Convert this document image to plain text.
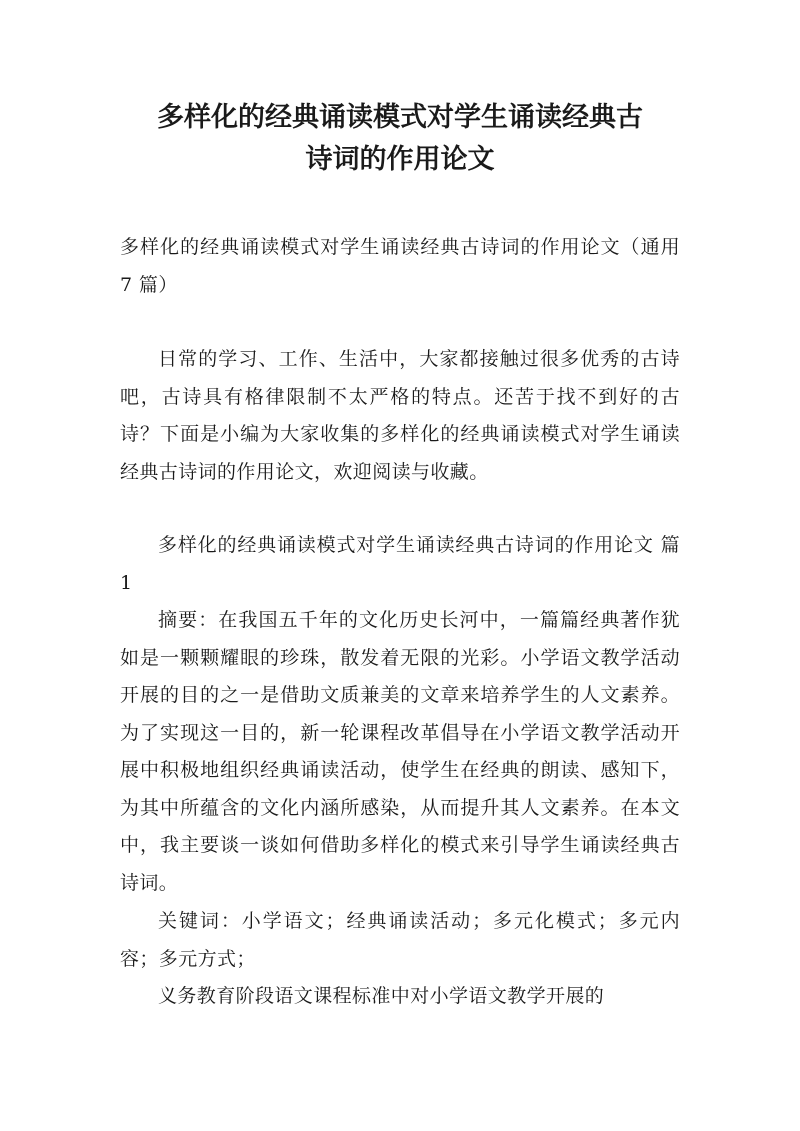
多样化的经典诵读模式对学生诵读经典古
诗词的作用论文
多样化的经典诵读模式对学生诵读经典古诗词的作用论文（通用 7 篇）
日常的学习、工作、生活中，大家都接触过很多优秀的古诗吧，古诗具有格律限制不太严格的特点。还苦于找不到好的古诗？下面是小编为大家收集的多样化的经典诵读模式对学生诵读经典古诗词的作用论文，欢迎阅读与收藏。
多样化的经典诵读模式对学生诵读经典古诗词的作用论文 篇 1
摘要：在我国五千年的文化历史长河中，一篇篇经典著作犹如是一颗颗耀眼的珍珠，散发着无限的光彩。小学语文教学活动开展的目的之一是借助文质兼美的文章来培养学生的人文素养。为了实现这一目的，新一轮课程改革倡导在小学语文教学活动开展中积极地组织经典诵读活动，使学生在经典的朗读、感知下，为其中所蕴含的文化内涵所感染，从而提升其人文素养。在本文中，我主要谈一谈如何借助多样化的模式来引导学生诵读经典古诗词。
关键词：小学语文；经典诵读活动；多元化模式；多元内容；多元方式；
义务教育阶段语文课程标准中对小学语文教学开展的
